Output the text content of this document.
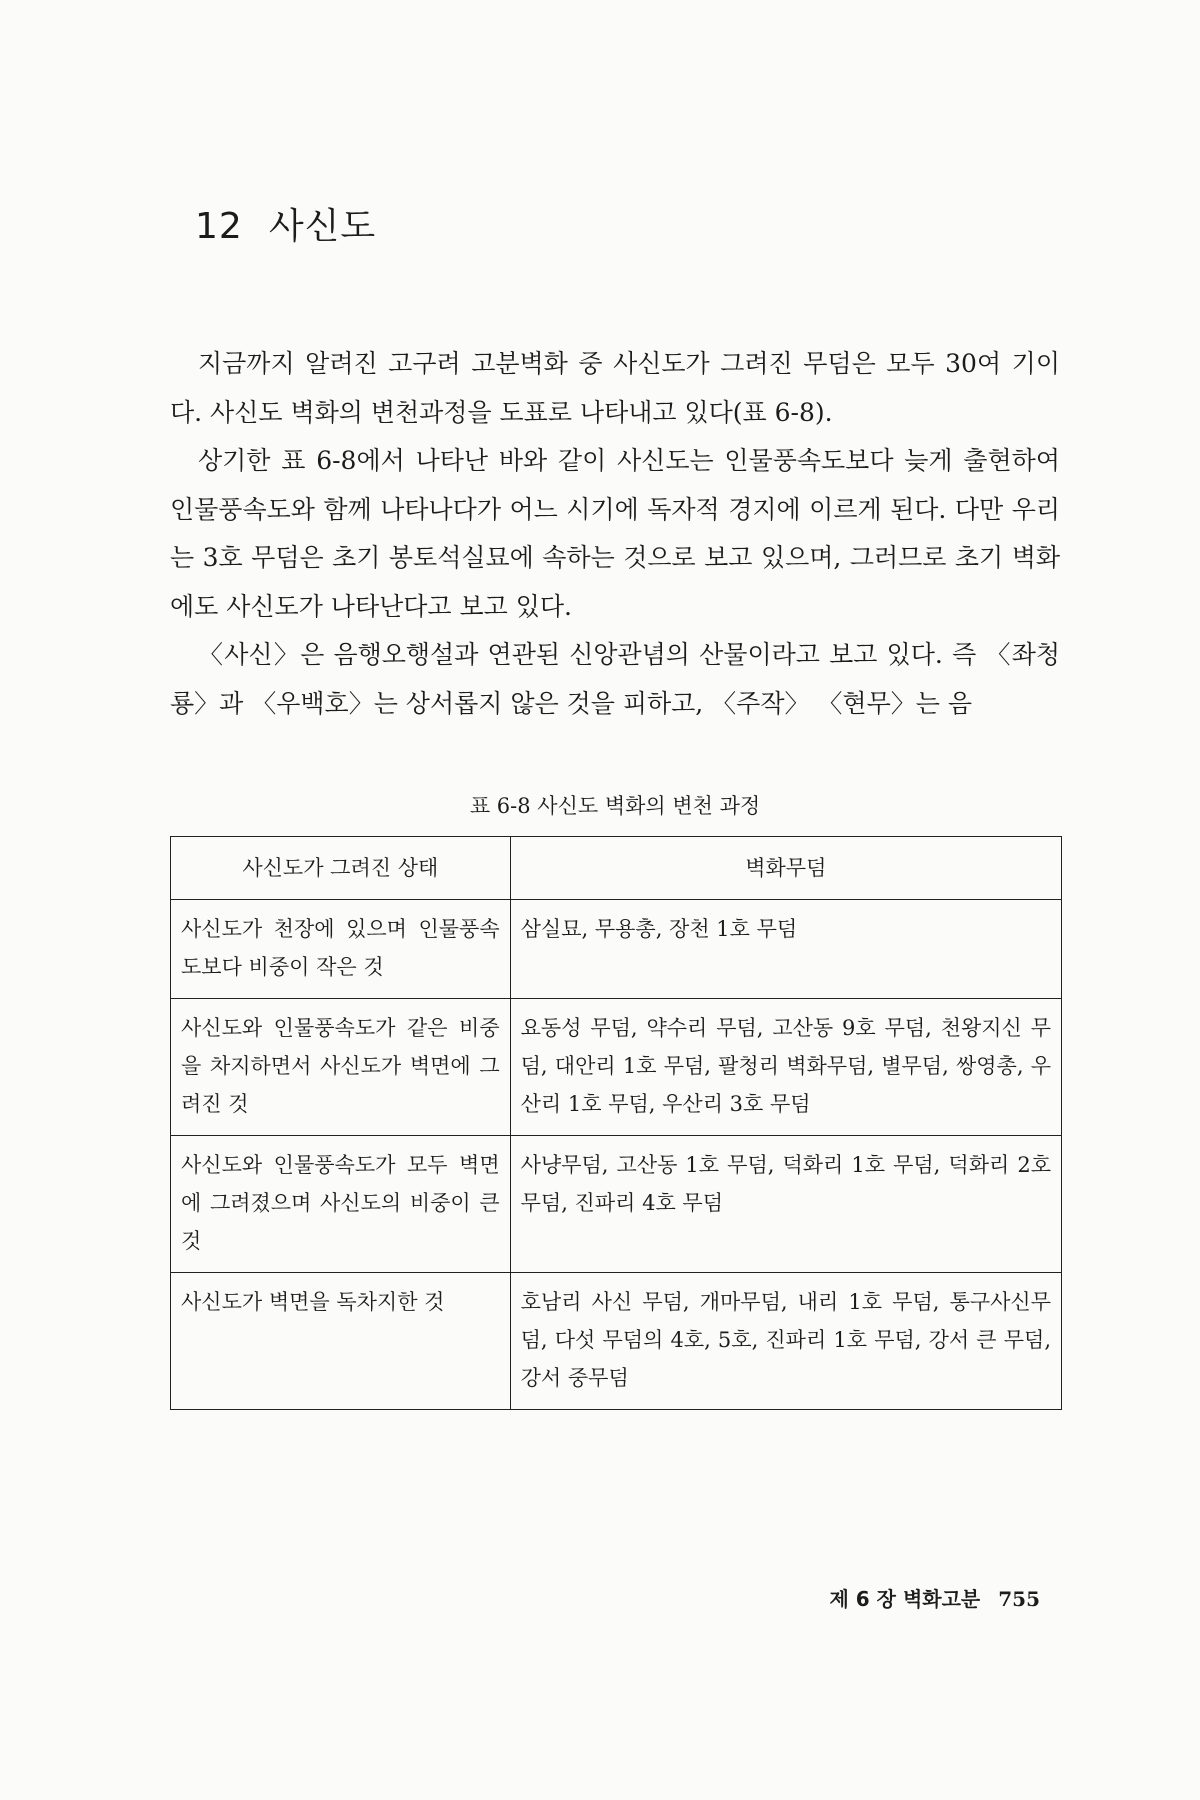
12 사신도

지금까지 알려진 고구려 고분벽화 중 사신도가 그려진 무덤은 모두 30여 기이다. 사신도 벽화의 변천과정을 도표로 나타내고 있다(표 6-8).

상기한 표 6-8에서 나타난 바와 같이 사신도는 인물풍속도보다 늦게 출현하여 인물풍속도와 함께 나타나다가 어느 시기에 독자적 경지에 이르게 된다. 다만 우리는 3호 무덤은 초기 봉토석실묘에 속하는 것으로 보고 있으며, 그러므로 초기 벽화에도 사신도가 나타난다고 보고 있다.

〈사신〉은 음행오행설과 연관된 신앙관념의 산물이라고 보고 있다. 즉 〈좌청룡〉과 〈우백호〉는 상서롭지 않은 것을 피하고, 〈주작〉 〈현무〉는 음

표 6-8 사신도 벽화의 변천 과정
사신도가 그려진 상태	벽화무덤
사신도가 천장에 있으며 인물풍속도보다 비중이 작은 것	삼실묘, 무용총, 장천 1호 무덤
사신도와 인물풍속도가 같은 비중을 차지하면서 사신도가 벽면에 그려진 것	요동성 무덤, 약수리 무덤, 고산동 9호 무덤, 천왕지신 무덤, 대안리 1호 무덤, 팔청리 벽화무덤, 별무덤, 쌍영총, 우산리 1호 무덤, 우산리 3호 무덤
사신도와 인물풍속도가 모두 벽면에 그려졌으며 사신도의 비중이 큰 것	사냥무덤, 고산동 1호 무덤, 덕화리 1호 무덤, 덕화리 2호 무덤, 진파리 4호 무덤
사신도가 벽면을 독차지한 것	호남리 사신 무덤, 개마무덤, 내리 1호 무덤, 통구사신무덤, 다섯 무덤의 4호, 5호, 진파리 1호 무덤, 강서 큰 무덤, 강서 중무덤
제 6 장 벽화고분 755
